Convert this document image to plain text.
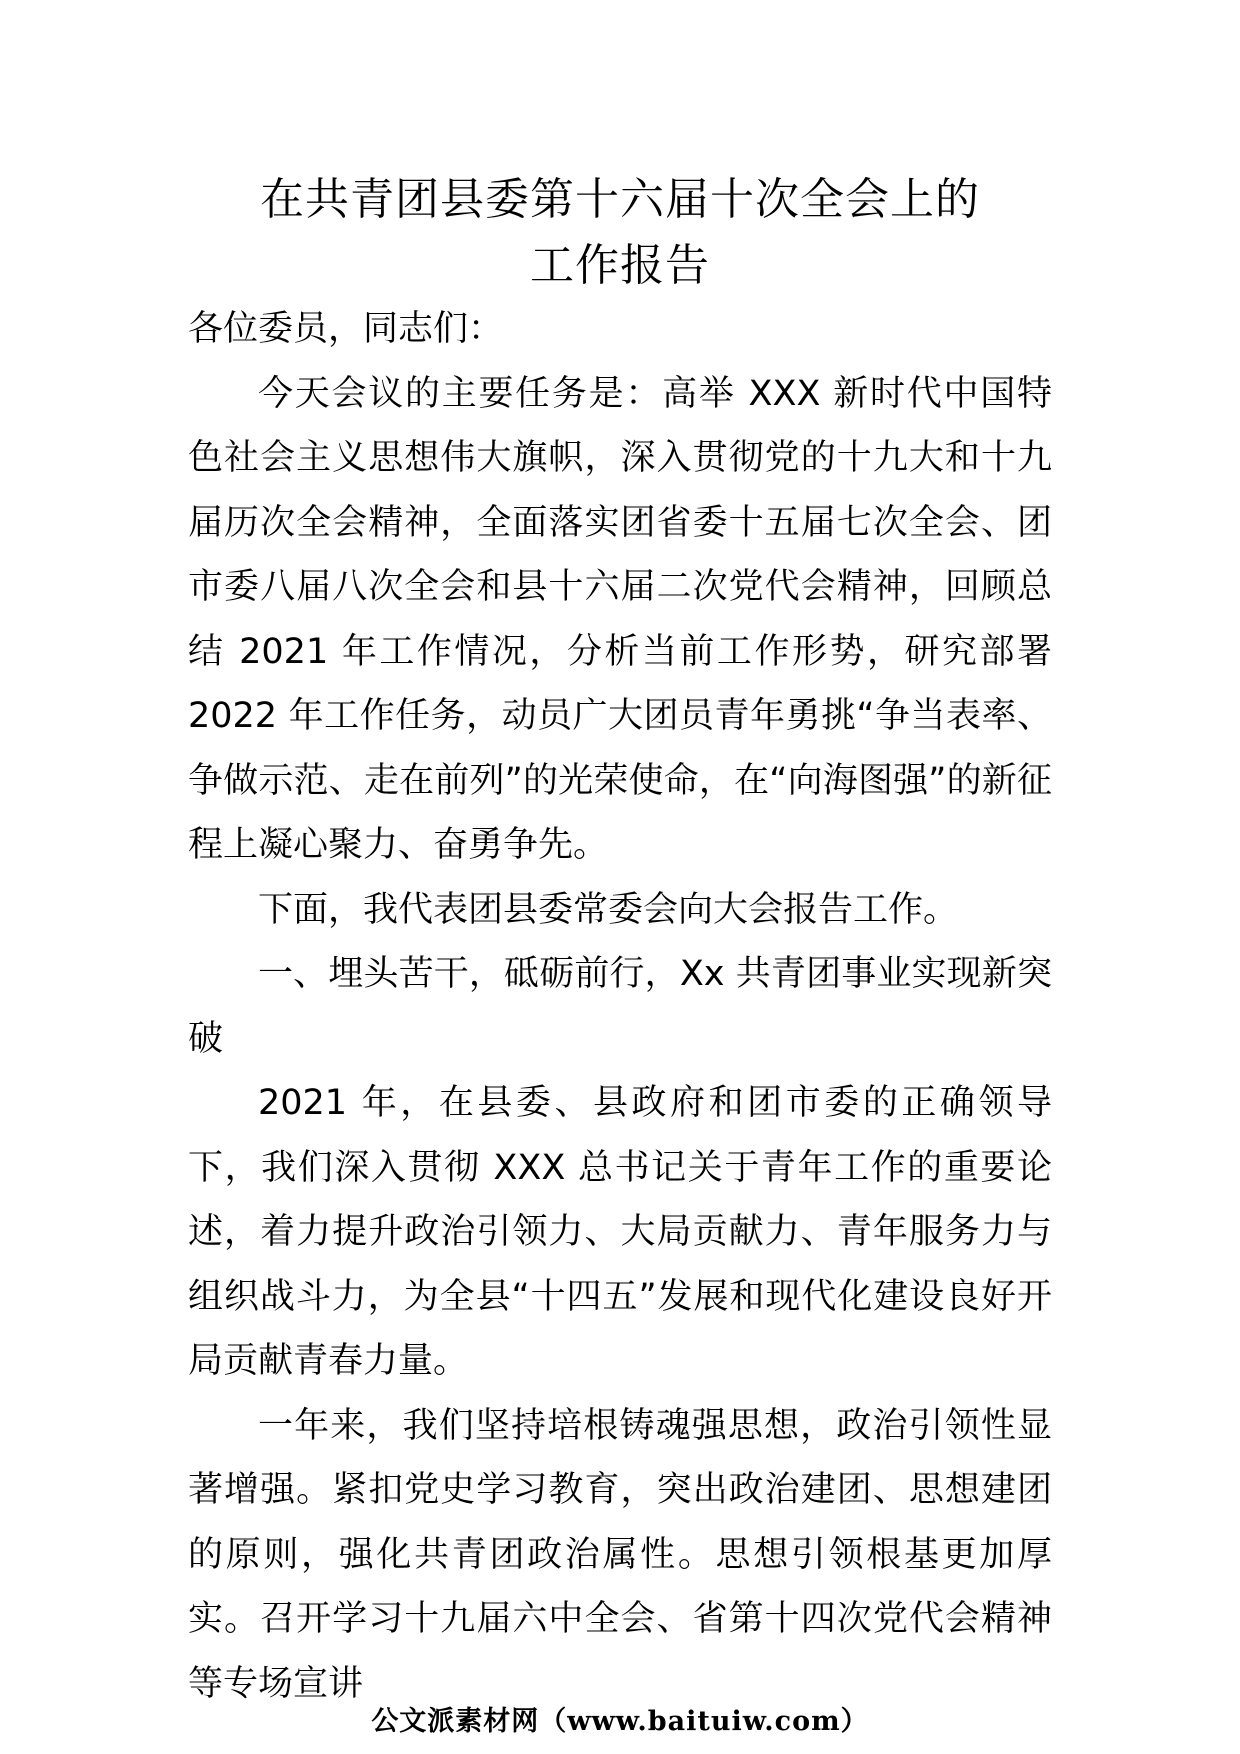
在共青团县委第十六届十次全会上的
工作报告

各位委员，同志们：

今天会议的主要任务是：高举 XXX 新时代中国特色社会主义思想伟大旗帜，深入贯彻党的十九大和十九届历次全会精神，全面落实团省委十五届七次全会、团市委八届八次全会和县十六届二次党代会精神，回顾总结 2021 年工作情况，分析当前工作形势，研究部署 2022 年工作任务，动员广大团员青年勇挑“争当表率、争做示范、走在前列”的光荣使命，在“向海图强”的新征程上凝心聚力、奋勇争先。

下面，我代表团县委常委会向大会报告工作。

一、埋头苦干，砥砺前行，Xx 共青团事业实现新突破

2021 年，在县委、县政府和团市委的正确领导下，我们深入贯彻 XXX 总书记关于青年工作的重要论述，着力提升政治引领力、大局贡献力、青年服务力与组织战斗力，为全县“十四五”发展和现代化建设良好开局贡献青春力量。

一年来，我们坚持培根铸魂强思想，政治引领性显著增强。紧扣党史学习教育，突出政治建团、思想建团的原则，强化共青团政治属性。思想引领根基更加厚实。召开学习十九届六中全会、省第十四次党代会精神等专场宣讲

公文派素材网（www.baituiw.com）
